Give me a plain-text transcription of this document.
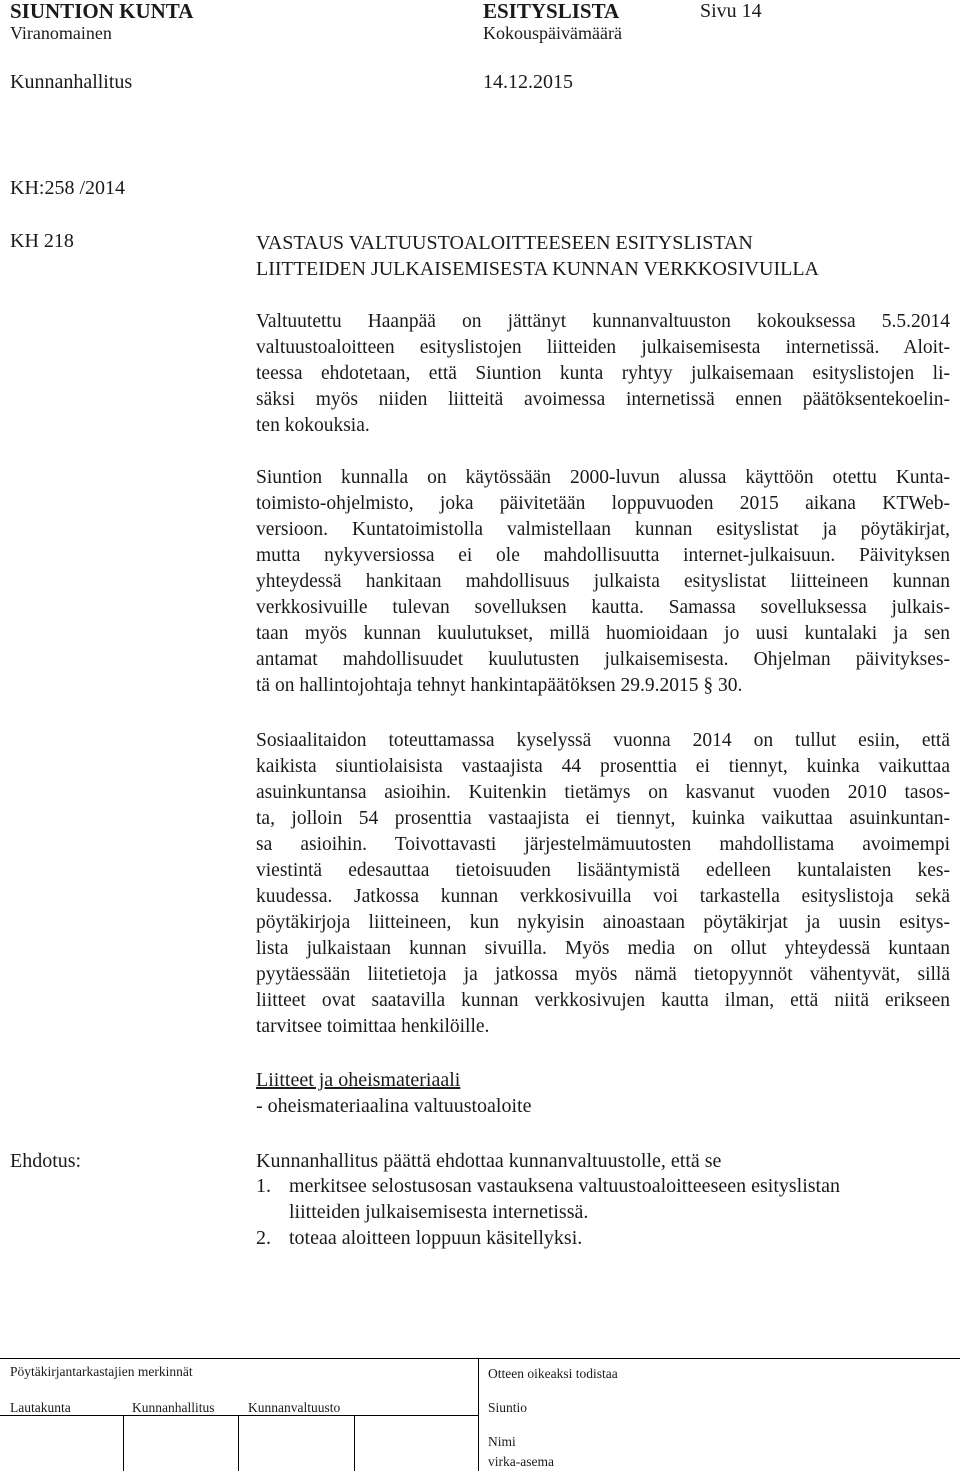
SIUNTION KUNTA	ESITYSLISTA	Sivu 14
Viranomainen	Kokouspäivämäärä
Kunnanhallitus	14.12.2015
KH:258 /2014
KH 218	VASTAUS VALTUUSTOALOITTEESEEN ESITYSLISTAN
LIITTEIDEN JULKAISEMISESTA KUNNAN VERKKOSIVUILLA
Valtuutettu Haanpää on jättänyt kunnanvaltuuston kokouksessa 5.5.2014
valtuustoaloitteen esityslistojen liitteiden julkaisemisesta internetissä. Aloit-
teessa ehdotetaan, että Siuntion kunta ryhtyy julkaisemaan esityslistojen li-
säksi myös niiden liitteitä avoimessa internetissä ennen päätöksentekoelin-
ten kokouksia.
Siuntion kunnalla on käytössään 2000-luvun alussa käyttöön otettu Kunta-
toimisto-ohjelmisto, joka päivitetään loppuvuoden 2015 aikana KTWeb-
versioon. Kuntatoimistolla valmistellaan kunnan esityslistat ja pöytäkirjat,
mutta nykyversiossa ei ole mahdollisuutta internet-julkaisuun. Päivityksen
yhteydessä hankitaan mahdollisuus julkaista esityslistat liitteineen kunnan
verkkosivuille tulevan sovelluksen kautta. Samassa sovelluksessa julkais-
taan myös kunnan kuulutukset, millä huomioidaan jo uusi kuntalaki ja sen
antamat mahdollisuudet kuulutusten julkaisemisesta. Ohjelman päivitykses-
tä on hallintojohtaja tehnyt hankintapäätöksen 29.9.2015 § 30.
Sosiaalitaidon toteuttamassa kyselyssä vuonna 2014 on tullut esiin, että
kaikista siuntiolaisista vastaajista 44 prosenttia ei tiennyt, kuinka vaikuttaa
asuinkuntansa asioihin. Kuitenkin tietämys on kasvanut vuoden 2010 tasos-
ta, jolloin 54 prosenttia vastaajista ei tiennyt, kuinka vaikuttaa asuinkuntan-
sa asioihin. Toivottavasti järjestelmämuutosten mahdollistama avoimempi
viestintä edesauttaa tietoisuuden lisääntymistä edelleen kuntalaisten kes-
kuudessa. Jatkossa kunnan verkkosivuilla voi tarkastella esityslistoja sekä
pöytäkirjoja liitteineen, kun nykyisin ainoastaan pöytäkirjat ja uusin esitys-
lista julkaistaan kunnan sivuilla. Myös media on ollut yhteydessä kuntaan
pyytäessään liitetietoja ja jatkossa myös nämä tietopyynnöt vähentyvät, sillä
liitteet ovat saatavilla kunnan verkkosivujen kautta ilman, että niitä erikseen
tarvitsee toimittaa henkilöille.
Liitteet ja oheismateriaali
- oheismateriaalina valtuustoaloite
Ehdotus:	Kunnanhallitus päättä ehdottaa kunnanvaltuustolle, että se
1. merkitsee selostusosan vastauksena valtuustoaloitteeseen esityslistan
liitteiden julkaisemisesta internetissä.
2. toteaa aloitteen loppuun käsitellyksi.
Pöytäkirjantarkastajien merkinnät	Otteen oikeaksi todistaa
Lautakunta	Kunnanhallitus Kunnanvaltuusto	Siuntio
Nimi
virka-asema
